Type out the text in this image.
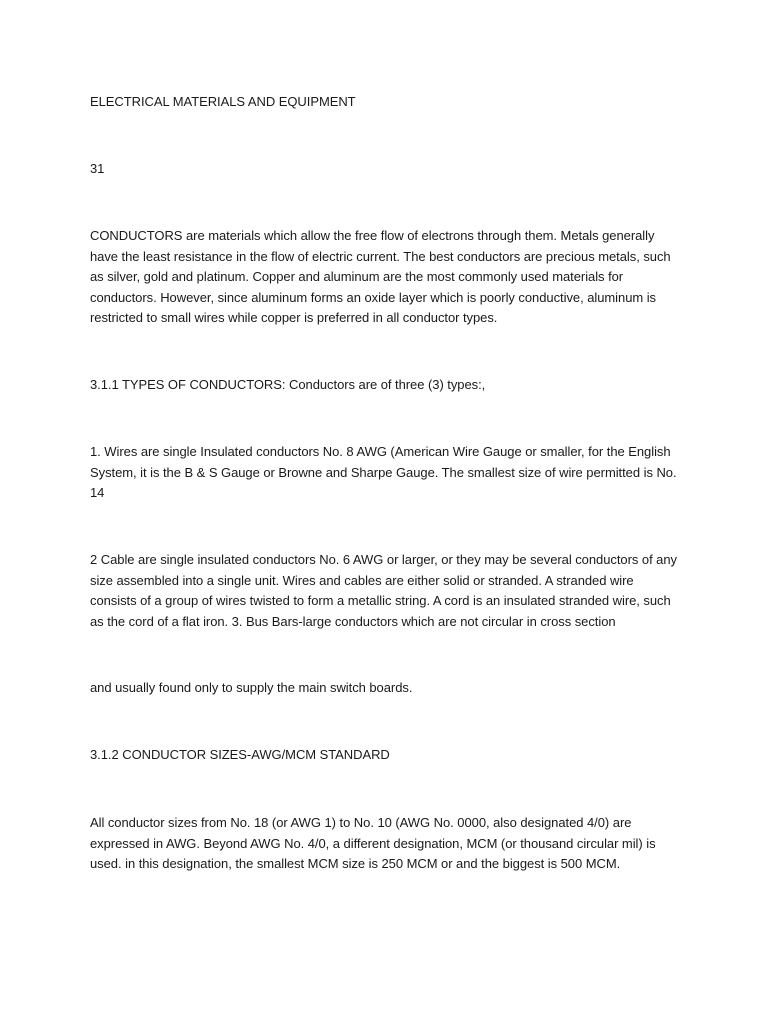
ELECTRICAL MATERIALS AND EQUIPMENT

31

CONDUCTORS are materials which allow the free flow of electrons through them. Metals generally have the least resistance in the flow of electric current. The best conductors are precious metals, such as silver, gold and platinum. Copper and aluminum are the most commonly used materials for conductors. However, since aluminum forms an oxide layer which is poorly conductive, aluminum is restricted to small wires while copper is preferred in all conductor types.

3.1.1 TYPES OF CONDUCTORS: Conductors are of three (3) types:,

1. Wires are single Insulated conductors No. 8 AWG (American Wire Gauge or smaller, for the English System, it is the B & S Gauge or Browne and Sharpe Gauge. The smallest size of wire permitted is No. 14

2 Cable are single insulated conductors No. 6 AWG or larger, or they may be several conductors of any size assembled into a single unit. Wires and cables are either solid or stranded. A stranded wire consists of a group of wires twisted to form a metallic string. A cord is an insulated stranded wire, such as the cord of a flat iron. 3. Bus Bars-large conductors which are not circular in cross section

and usually found only to supply the main switch boards.

3.1.2 CONDUCTOR SIZES-AWG/MCM STANDARD

All conductor sizes from No. 18 (or AWG 1) to No. 10 (AWG No. 0000, also designated 4/0) are expressed in AWG. Beyond AWG No. 4/0, a different designation, MCM (or thousand circular mil) is used. in this designation, the smallest MCM size is 250 MCM or and the biggest is 500 MCM.
